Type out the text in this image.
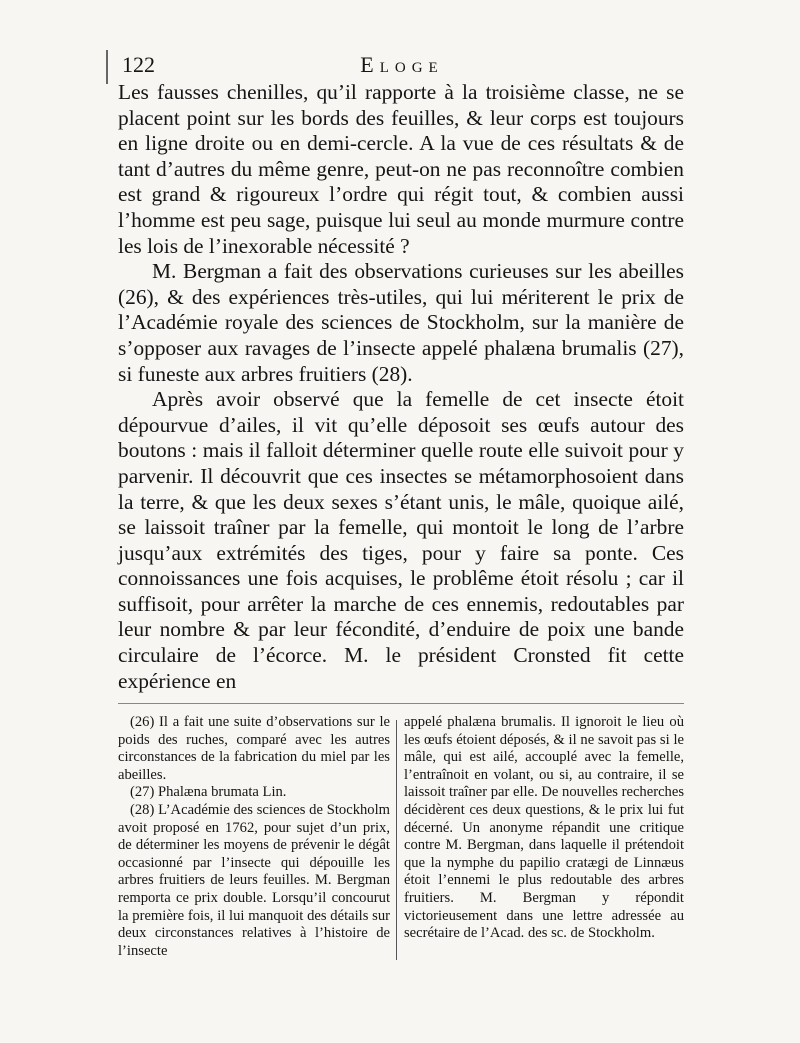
122	Eloge

Les fausses chenilles, qu’il rapporte à la troisième classe, ne se placent point sur les bords des feuilles, & leur corps est toujours en ligne droite ou en demi-cercle. A la vue de ces résultats & de tant d’autres du même genre, peut-on ne pas reconnoître combien est grand & rigoureux l’ordre qui régit tout, & combien aussi l’homme est peu sage, puisque lui seul au monde murmure contre les lois de l’inexorable nécessité ?

M. Bergman a fait des observations curieuses sur les abeilles (26), & des expériences très-utiles, qui lui mériterent le prix de l’Académie royale des sciences de Stockholm, sur la manière de s’opposer aux ravages de l’insecte appelé phalæna brumalis (27), si funeste aux arbres fruitiers (28).

Après avoir observé que la femelle de cet insecte étoit dépourvue d’ailes, il vit qu’elle déposoit ses œufs autour des boutons : mais il falloit déterminer quelle route elle suivoit pour y parvenir. Il découvrit que ces insectes se métamorphosoient dans la terre, & que les deux sexes s’étant unis, le mâle, quoique ailé, se laissoit traîner par la femelle, qui montoit le long de l’arbre jusqu’aux extrémités des tiges, pour y faire sa ponte. Ces connoissances une fois acquises, le problême étoit résolu ; car il suffisoit, pour arrêter la marche de ces ennemis, redoutables par leur nombre & par leur fécondité, d’enduire de poix une bande circulaire de l’écorce. M. le président Cronsted fit cette expérience en

(26) Il a fait une suite d’observations sur le poids des ruches, comparé avec les autres circonstances de la fabrication du miel par les abeilles.

(27) Phalæna brumata Lin.

(28) L’Académie des sciences de Stockholm avoit proposé en 1762, pour sujet d’un prix, de déterminer les moyens de prévenir le dégât occasionné par l’insecte qui dépouille les arbres fruitiers de leurs feuilles. M. Bergman remporta ce prix double. Lorsqu’il concourut la première fois, il lui manquoit des détails sur deux circonstances relatives à l’histoire de l’insecte

appelé phalæna brumalis. Il ignoroit le lieu où les œufs étoient déposés, & il ne savoit pas si le mâle, qui est ailé, accouplé avec la femelle, l’entraînoit en volant, ou si, au contraire, il se laissoit traîner par elle. De nouvelles recherches décidèrent ces deux questions, & le prix lui fut décerné. Un anonyme répandit une critique contre M. Bergman, dans laquelle il prétendoit que la nymphe du papilio cratægi de Linnæus étoit l’ennemi le plus redoutable des arbres fruitiers. M. Bergman y répondit victorieusement dans une lettre adressée au secrétaire de l’Acad. des sc. de Stockholm.
